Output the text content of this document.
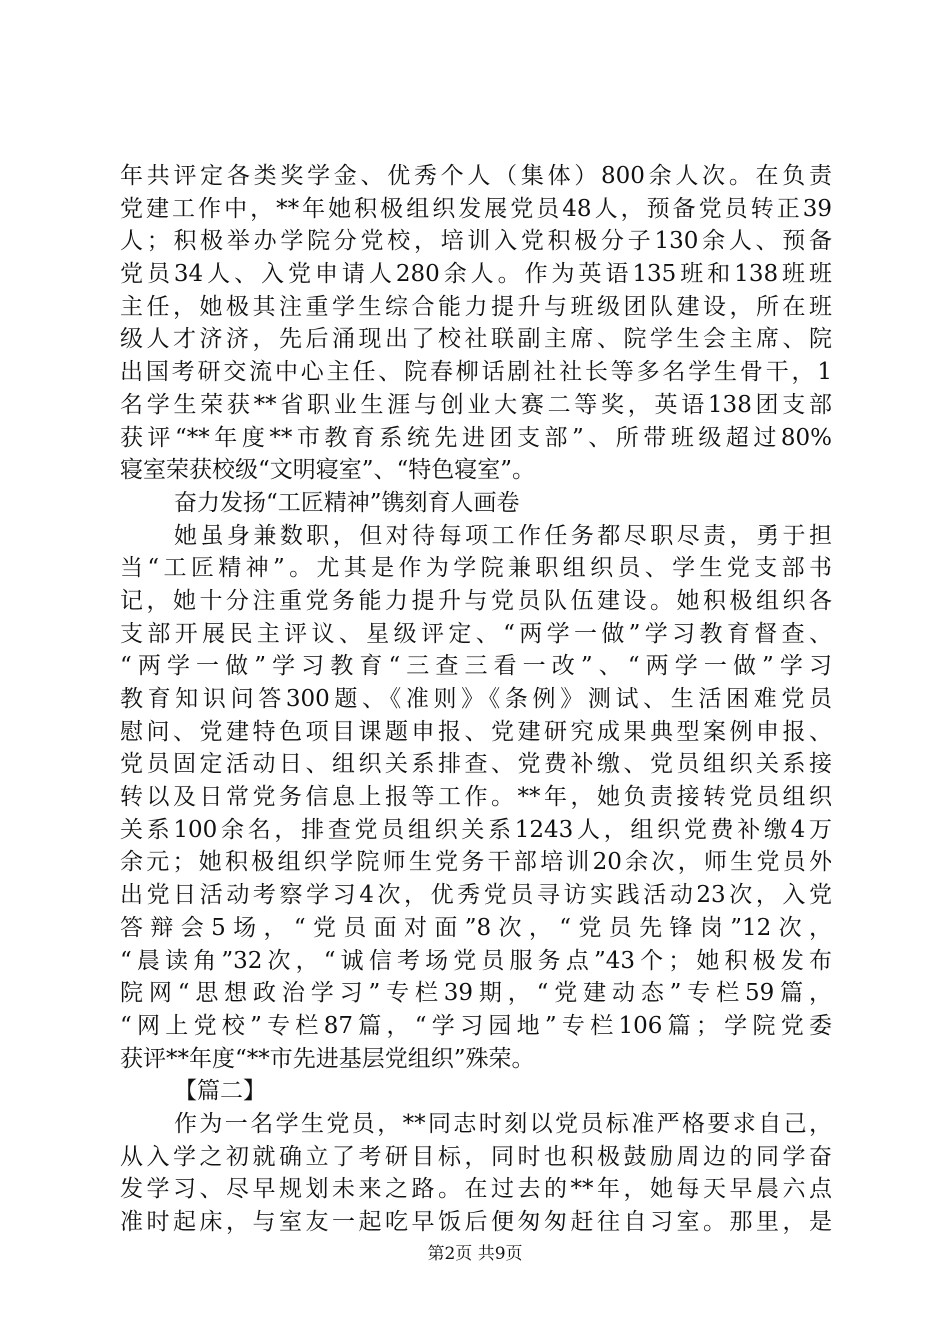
年共评定各类奖学金、优秀个人（集体）800余人次。在负责
党建工作中，**年她积极组织发展党员48人，预备党员转正39
人；积极举办学院分党校，培训入党积极分子130余人、预备
党员34人、入党申请人280余人。作为英语135班和138班班
主任，她极其注重学生综合能力提升与班级团队建设，所在班
级人才济济，先后涌现出了校社联副主席、院学生会主席、院
出国考研交流中心主任、院春柳话剧社社长等多名学生骨干，1
名学生荣获**省职业生涯与创业大赛二等奖，英语138团支部
获评“**年度**市教育系统先进团支部”、所带班级超过80%
寝室荣获校级“文明寝室”、“特色寝室”。
奋力发扬“工匠精神”镌刻育人画卷
她虽身兼数职，但对待每项工作任务都尽职尽责，勇于担
当“工匠精神”。尤其是作为学院兼职组织员、学生党支部书
记，她十分注重党务能力提升与党员队伍建设。她积极组织各
支部开展民主评议、星级评定、“两学一做”学习教育督查、
“两学一做”学习教育“三查三看一改”、“两学一做”学习
教育知识问答300题、《准则》《条例》测试、生活困难党员
慰问、党建特色项目课题申报、党建研究成果典型案例申报、
党员固定活动日、组织关系排查、党费补缴、党员组织关系接
转以及日常党务信息上报等工作。**年，她负责接转党员组织
关系100余名，排查党员组织关系1243人，组织党费补缴4万
余元；她积极组织学院师生党务干部培训20余次，师生党员外
出党日活动考察学习4次，优秀党员寻访实践活动23次，入党
答辩会5场，“党员面对面”8次，“党员先锋岗”12次，
“晨读角”32次，“诚信考场党员服务点”43个；她积极发布
院网“思想政治学习”专栏39期，“党建动态”专栏59篇，
“网上党校”专栏87篇，“学习园地”专栏106篇；学院党委
获评**年度“**市先进基层党组织”殊荣。
【篇二】
作为一名学生党员，**同志时刻以党员标准严格要求自己，
从入学之初就确立了考研目标，同时也积极鼓励周边的同学奋
发学习、尽早规划未来之路。在过去的**年，她每天早晨六点
准时起床，与室友一起吃早饭后便匆匆赶往自习室。那里，是
第2页 共9页
